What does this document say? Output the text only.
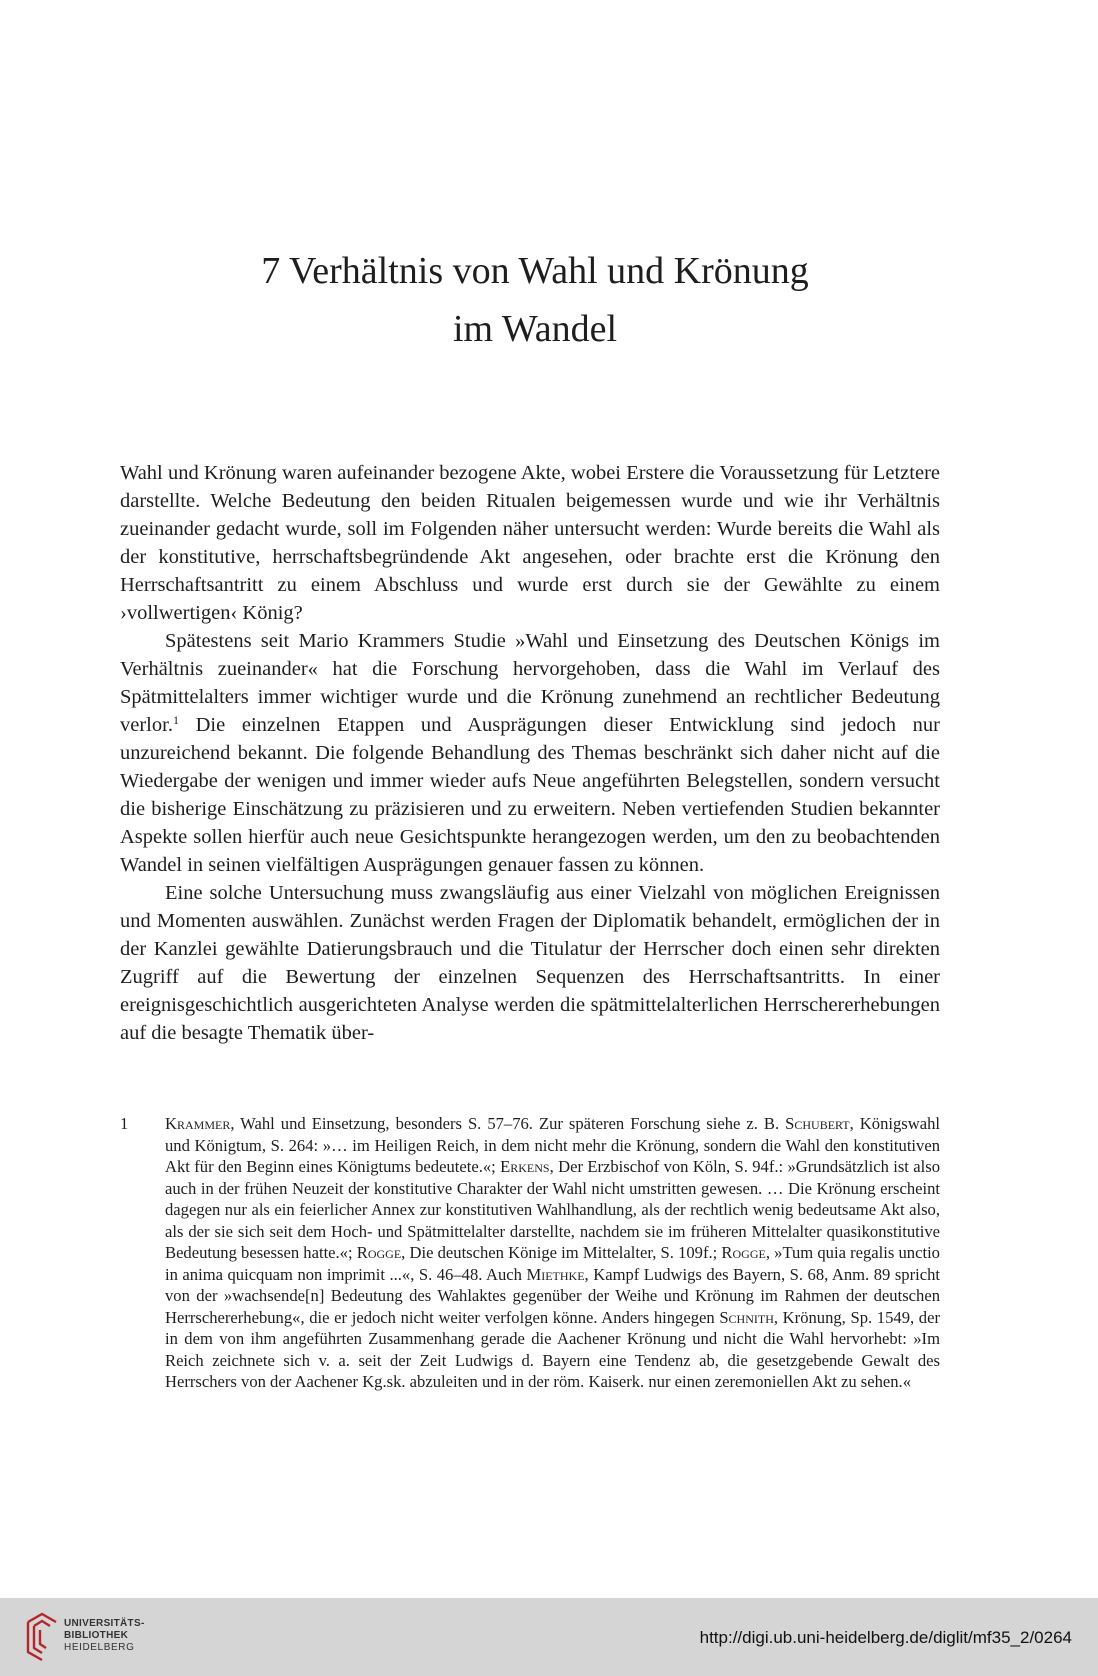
7 Verhältnis von Wahl und Krönung
im Wandel

Wahl und Krönung waren aufeinander bezogene Akte, wobei Erstere die Voraussetzung für Letztere darstellte. Welche Bedeutung den beiden Ritualen beigemessen wurde und wie ihr Verhältnis zueinander gedacht wurde, soll im Folgenden näher untersucht werden: Wurde bereits die Wahl als der konstitutive, herrschaftsbegründende Akt angesehen, oder brachte erst die Krönung den Herrschaftsantritt zu einem Abschluss und wurde erst durch sie der Gewählte zu einem ›vollwertigen‹ König?

Spätestens seit Mario Krammers Studie »Wahl und Einsetzung des Deutschen Königs im Verhältnis zueinander« hat die Forschung hervorgehoben, dass die Wahl im Verlauf des Spätmittelalters immer wichtiger wurde und die Krönung zunehmend an rechtlicher Bedeutung verlor.$^1$ Die einzelnen Etappen und Ausprägungen dieser Entwicklung sind jedoch nur unzureichend bekannt. Die folgende Behandlung des Themas beschränkt sich daher nicht auf die Wiedergabe der wenigen und immer wieder aufs Neue angeführten Belegstellen, sondern versucht die bisherige Einschätzung zu präzisieren und zu erweitern. Neben vertiefenden Studien bekannter Aspekte sollen hierfür auch neue Gesichtspunkte herangezogen werden, um den zu beobachtenden Wandel in seinen vielfältigen Ausprägungen genauer fassen zu können.

Eine solche Untersuchung muss zwangsläufig aus einer Vielzahl von möglichen Ereignissen und Momenten auswählen. Zunächst werden Fragen der Diplomatik behandelt, ermöglichen der in der Kanzlei gewählte Datierungsbrauch und die Titulatur der Herrscher doch einen sehr direkten Zugriff auf die Bewertung der einzelnen Sequenzen des Herrschaftsantritts. In einer ereignisgeschichtlich ausgerichteten Analyse werden die spätmittelalterlichen Herrschererhebungen auf die besagte Thematik über-

1	Krammer, Wahl und Einsetzung, besonders S. 57–76. Zur späteren Forschung siehe z. B. Schubert, Königswahl und Königtum, S. 264: »… im Heiligen Reich, in dem nicht mehr die Krönung, sondern die Wahl den konstitutiven Akt für den Beginn eines Königtums bedeutete.«; Erkens, Der Erzbischof von Köln, S. 94f.: »Grundsätzlich ist also auch in der frühen Neuzeit der konstitutive Charakter der Wahl nicht umstritten gewesen. … Die Krönung erscheint dagegen nur als ein feierlicher Annex zur konstitutiven Wahlhandlung, als der rechtlich wenig bedeutsame Akt also, als der sie sich seit dem Hoch- und Spätmittelalter darstellte, nachdem sie im früheren Mittelalter quasikonstitutive Bedeutung besessen hatte.«; Rogge, Die deutschen Könige im Mittelalter, S. 109f.; Rogge, »Tum quia regalis unctio in anima quicquam non imprimit ...«, S. 46–48. Auch Miethke, Kampf Ludwigs des Bayern, S. 68, Anm. 89 spricht von der »wachsende[n] Bedeutung des Wahlaktes gegenüber der Weihe und Krönung im Rahmen der deutschen Herrschererhebung«, die er jedoch nicht weiter verfolgen könne. Anders hingegen Schnith, Krönung, Sp. 1549, der in dem von ihm angeführten Zusammenhang gerade die Aachener Krönung und nicht die Wahl hervorhebt: »Im Reich zeichnete sich v. a. seit der Zeit Ludwigs d. Bayern eine Tendenz ab, die gesetzgebende Gewalt des Herrschers von der Aachener Kg.sk. abzuleiten und in der röm. Kaiserk. nur einen zeremoniellen Akt zu sehen.«
UNIVERSITÄTS-
BIBLIOTHEK
HEIDELBERG
http://digi.ub.uni-heidelberg.de/diglit/mf35_2/0264
